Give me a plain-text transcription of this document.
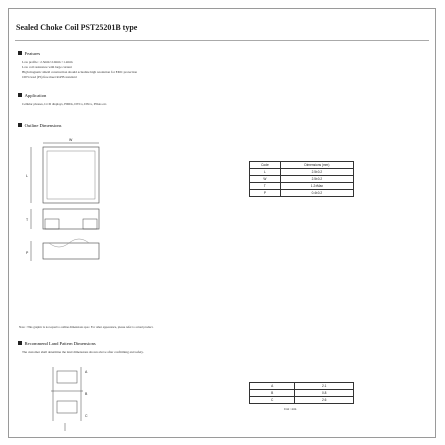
Sealed Choke Coil PST25201B type
Features
Low profile : 2.5mm×2.0mm ×1.2mm
Low coil resistance with large current
High magnetic shield construction should actualize high resolution for EMC protection
100% lead (Pb) free meet RoHS standard
Application
Cellular phones, LCD displays, HDDs, DVCs, DSCs, PDAs etc.
Outline Dimensions
W
L
T
P
Code	Dimensions (mm)
L	2.5±0.2
W	2.5±0.2
T	1.2±Max
P	0.4±0.2
Note : This graphic is not equal to outline dimensions spec. For other appearance, please refer to actual product.
Recommend Land Pattern Dimensions
The customer shall determine the land dimensions shown above after confirming and safety.
A
B
C
A	2.1
B	0.8
C	2.6
Unit : mm
